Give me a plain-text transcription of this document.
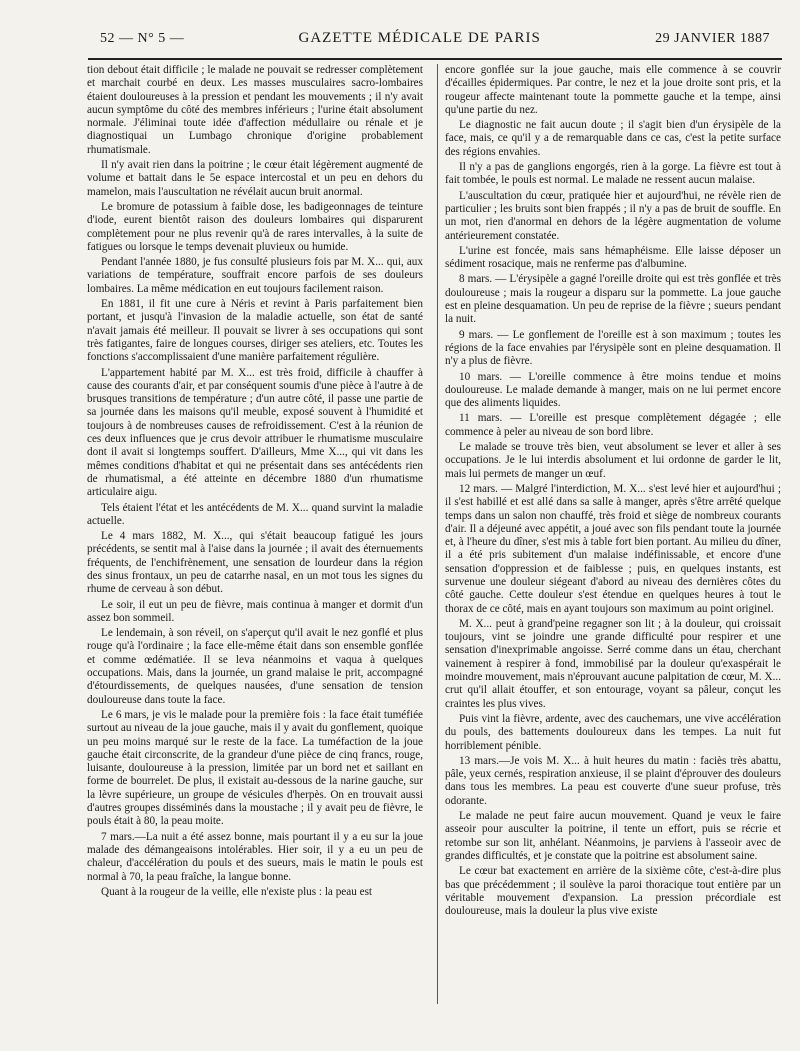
52 — N° 5 —	GAZETTE MÉDICALE DE PARIS	29 JANVIER 1887

tion debout était difficile ; le malade ne pouvait se redresser complètement et marchait courbé en deux. Les masses musculaires sacro-lombaires étaient douloureuses à la pression et pendant les mouvements ; il n'y avait aucun symptôme du côté des membres inférieurs ; l'urine était absolument normale. J'éliminai toute idée d'affection médullaire ou rénale et je diagnostiquai un Lumbago chronique d'origine probablement rhumatismale.

Il n'y avait rien dans la poitrine ; le cœur était légèrement augmenté de volume et battait dans le 5e espace intercostal et un peu en dehors du mamelon, mais l'auscultation ne révélait aucun bruit anormal.

Le bromure de potassium à faible dose, les badigeonnages de teinture d'iode, eurent bientôt raison des douleurs lombaires qui disparurent complètement pour ne plus revenir qu'à de rares intervalles, à la suite de fatigues ou lorsque le temps devenait pluvieux ou humide.

Pendant l'année 1880, je fus consulté plusieurs fois par M. X... qui, aux variations de température, souffrait encore parfois de ses douleurs lombaires. La même médication en eut toujours facilement raison.

En 1881, il fit une cure à Néris et revint à Paris parfaitement bien portant, et jusqu'à l'invasion de la maladie actuelle, son état de santé n'avait jamais été meilleur. Il pouvait se livrer à ses occupations qui sont très fatigantes, faire de longues courses, diriger ses ateliers, etc. Toutes les fonctions s'accomplissaient d'une manière parfaitement régulière.

L'appartement habité par M. X... est très froid, difficile à chauffer à cause des courants d'air, et par conséquent soumis d'une pièce à l'autre à de brusques transitions de température ; d'un autre côté, il passe une partie de sa journée dans les maisons qu'il meuble, exposé souvent à l'humidité et toujours à de nombreuses causes de refroidissement. C'est à la réunion de ces deux influences que je crus devoir attribuer le rhumatisme musculaire dont il avait si longtemps souffert. D'ailleurs, Mme X..., qui vit dans les mêmes conditions d'habitat et qui ne présentait dans ses antécédents rien de rhumatismal, a été atteinte en décembre 1880 d'un rhumatisme articulaire aigu.

Tels étaient l'état et les antécédents de M. X... quand survint la maladie actuelle.

Le 4 mars 1882, M. X..., qui s'était beaucoup fatigué les jours précédents, se sentit mal à l'aise dans la journée ; il avait des éternuements fréquents, de l'enchifrènement, une sensation de lourdeur dans la région des sinus frontaux, un peu de catarrhe nasal, en un mot tous les signes du rhume de cerveau à son début.

Le soir, il eut un peu de fièvre, mais continua à manger et dormit d'un assez bon sommeil.

Le lendemain, à son réveil, on s'aperçut qu'il avait le nez gonflé et plus rouge qu'à l'ordinaire ; la face elle-même était dans son ensemble gonflée et comme œdématiée. Il se leva néanmoins et vaqua à quelques occupations. Mais, dans la journée, un grand malaise le prit, accompagné d'étourdissements, de quelques nausées, d'une sensation de tension douloureuse dans toute la face.

Le 6 mars, je vis le malade pour la première fois : la face était tuméfiée surtout au niveau de la joue gauche, mais il y avait du gonflement, quoique un peu moins marqué sur le reste de la face. La tuméfaction de la joue gauche était circonscrite, de la grandeur d'une pièce de cinq francs, rouge, luisante, douloureuse à la pression, limitée par un bord net et saillant en forme de bourrelet. De plus, il existait au-dessous de la narine gauche, sur la lèvre supérieure, un groupe de vésicules d'herpès. On en trouvait aussi d'autres groupes disséminés dans la moustache ; il y avait peu de fièvre, le pouls était à 80, la peau moite.

7 mars.—La nuit a été assez bonne, mais pourtant il y a eu sur la joue malade des démangeaisons intolérables. Hier soir, il y a eu un peu de chaleur, d'accélération du pouls et des sueurs, mais le matin le pouls est normal à 70, la peau fraîche, la langue bonne.

Quant à la rougeur de la veille, elle n'existe plus : la peau est

encore gonflée sur la joue gauche, mais elle commence à se couvrir d'écailles épidermiques. Par contre, le nez et la joue droite sont pris, et la rougeur affecte maintenant toute la pommette gauche et la tempe, ainsi qu'une partie du nez.

Le diagnostic ne fait aucun doute ; il s'agit bien d'un érysipèle de la face, mais, ce qu'il y a de remarquable dans ce cas, c'est la petite surface des régions envahies.

Il n'y a pas de ganglions engorgés, rien à la gorge. La fièvre est tout à fait tombée, le pouls est normal. Le malade ne ressent aucun malaise.

L'auscultation du cœur, pratiquée hier et aujourd'hui, ne révèle rien de particulier ; les bruits sont bien frappés ; il n'y a pas de bruit de souffle. En un mot, rien d'anormal en dehors de la légère augmentation de volume antérieurement constatée.

L'urine est foncée, mais sans hémaphéisme. Elle laisse déposer un sédiment rosacique, mais ne renferme pas d'albumine.

8 mars. — L'érysipèle a gagné l'oreille droite qui est très gonflée et très douloureuse ; mais la rougeur a disparu sur la pommette. La joue gauche est en pleine desquamation. Un peu de reprise de la fièvre ; sueurs pendant la nuit.

9 mars. — Le gonflement de l'oreille est à son maximum ; toutes les régions de la face envahies par l'érysipèle sont en pleine desquamation. Il n'y a plus de fièvre.

10 mars. — L'oreille commence à être moins tendue et moins douloureuse. Le malade demande à manger, mais on ne lui permet encore que des aliments liquides.

11 mars. — L'oreille est presque complètement dégagée ; elle commence à peler au niveau de son bord libre.

Le malade se trouve très bien, veut absolument se lever et aller à ses occupations. Je le lui interdis absolument et lui ordonne de garder le lit, mais lui permets de manger un œuf.

12 mars. — Malgré l'interdiction, M. X... s'est levé hier et aujourd'hui ; il s'est habillé et est allé dans sa salle à manger, après s'être arrêté quelque temps dans un salon non chauffé, très froid et siège de nombreux courants d'air. Il a déjeuné avec appétit, a joué avec son fils pendant toute la journée et, à l'heure du dîner, s'est mis à table fort bien portant. Au milieu du dîner, il a été pris subitement d'un malaise indéfinissable, et encore d'une sensation d'oppression et de faiblesse ; puis, en quelques instants, est survenue une douleur siégeant d'abord au niveau des dernières côtes du côté gauche. Cette douleur s'est étendue en quelques heures à tout le thorax de ce côté, mais en ayant toujours son maximum au point originel.

M. X... peut à grand'peine regagner son lit ; à la douleur, qui croissait toujours, vint se joindre une grande difficulté pour respirer et une sensation d'inexprimable angoisse. Serré comme dans un étau, cherchant vainement à respirer à fond, immobilisé par la douleur qu'exaspérait le moindre mouvement, mais n'éprouvant aucune palpitation de cœur, M. X... crut qu'il allait étouffer, et son entourage, voyant sa pâleur, conçut les craintes les plus vives.

Puis vint la fièvre, ardente, avec des cauchemars, une vive accélération du pouls, des battements douloureux dans les tempes. La nuit fut horriblement pénible.

13 mars.—Je vois M. X... à huit heures du matin : faciès très abattu, pâle, yeux cernés, respiration anxieuse, il se plaint d'éprouver des douleurs dans tous les membres. La peau est couverte d'une sueur profuse, très odorante.

Le malade ne peut faire aucun mouvement. Quand je veux le faire asseoir pour ausculter la poitrine, il tente un effort, puis se récrie et retombe sur son lit, anhélant. Néanmoins, je parviens à l'asseoir avec de grandes difficultés, et je constate que la poitrine est absolument saine.

Le cœur bat exactement en arrière de la sixième côte, c'est-à-dire plus bas que précédemment ; il soulève la paroi thoracique tout entière par un véritable mouvement d'expansion. La pression précordiale est douloureuse, mais la douleur la plus vive existe
